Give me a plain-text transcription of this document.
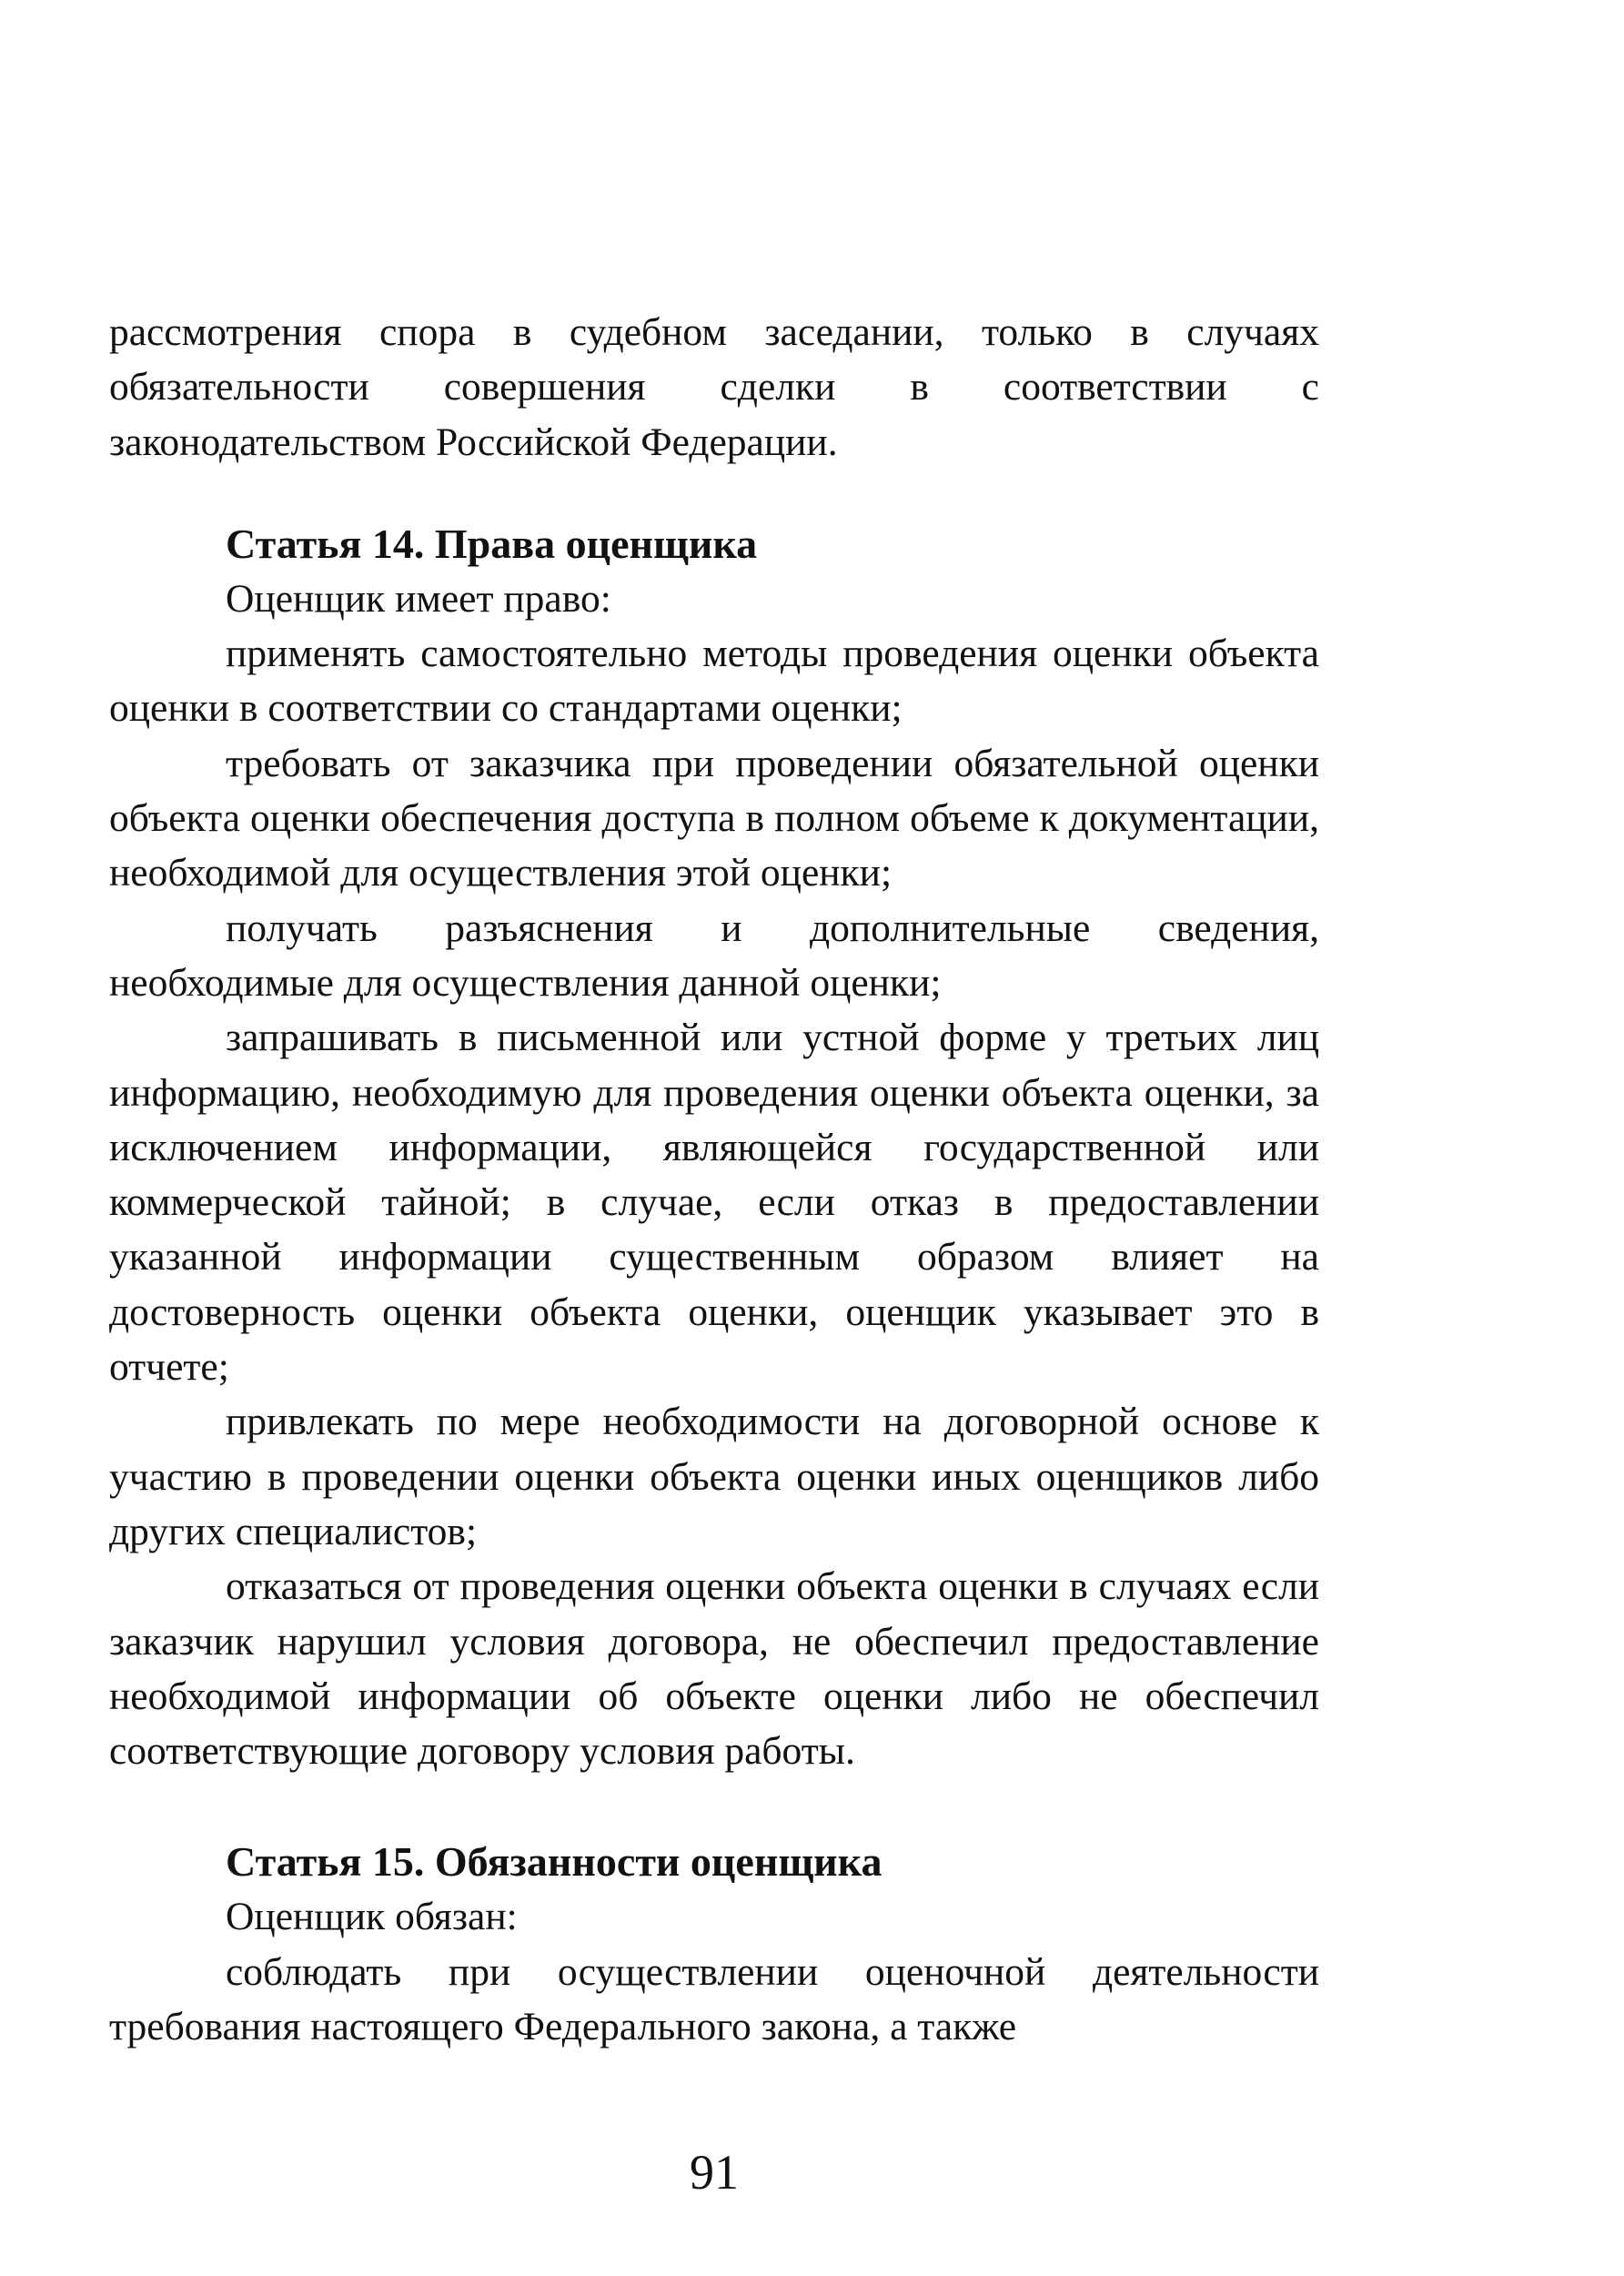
рассмотрения спора в судебном заседании, только в случаях обязательности совершения сделки в соответствии с законодательством Российской Федерации.

Статья 14. Права оценщика

Оценщик имеет право:

применять самостоятельно методы проведения оценки объекта оценки в соответствии со стандартами оценки;

требовать от заказчика при проведении обязательной оценки объекта оценки обеспечения доступа в полном объеме к документации, необходимой для осуществления этой оценки;

получать разъяснения и дополнительные сведения, необходимые для осуществления данной оценки;

запрашивать в письменной или устной форме у третьих лиц информацию, необходимую для проведения оценки объекта оценки, за исключением информации, являющейся государственной или коммерческой тайной; в случае, если отказ в предоставлении указанной информации существенным образом влияет на достоверность оценки объекта оценки, оценщик указывает это в отчете;

привлекать по мере необходимости на договорной основе к участию в проведении оценки объекта оценки иных оценщиков либо других специалистов;

отказаться от проведения оценки объекта оценки в случаях если заказчик нарушил условия договора, не обеспечил предоставление необходимой информации об объекте оценки либо не обеспечил соответствующие договору условия работы.

Статья 15. Обязанности оценщика

Оценщик обязан:

соблюдать при осуществлении оценочной деятельности требования настоящего Федерального закона, а также

91
